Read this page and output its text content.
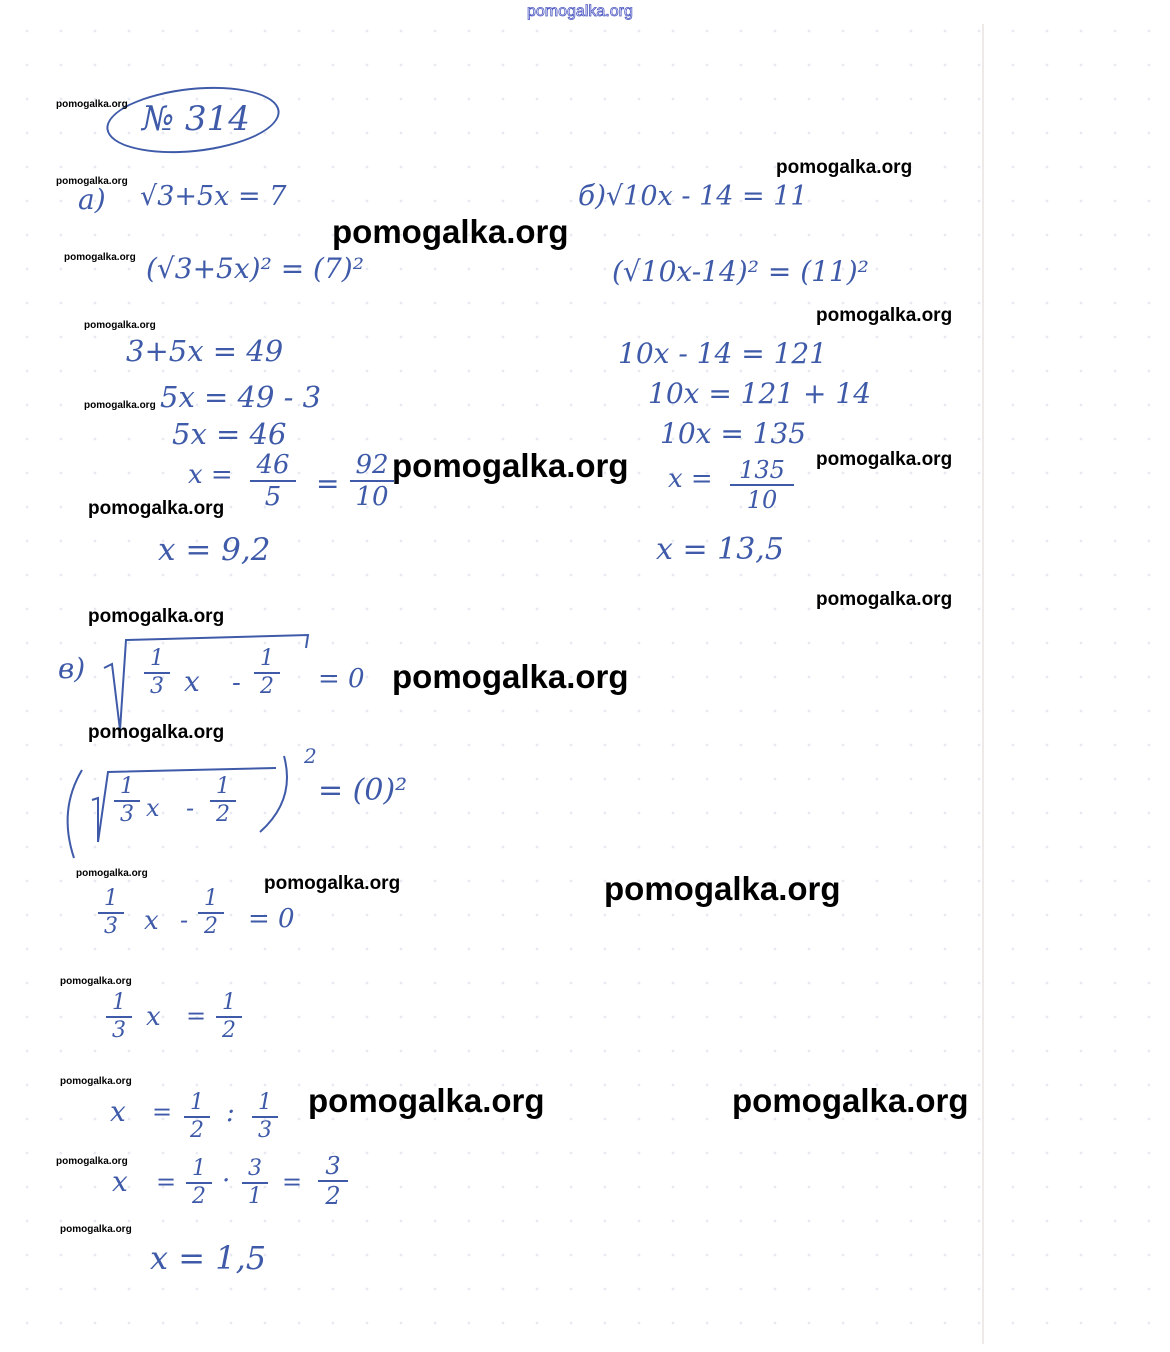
pomogalka.org
№ 314
а) √3+5x = 7
(√3+5x)² = (7)²
3+5x = 49
5x = 49 - 3
5x = 46
x = 46
5	=
92
10
x = 9,2
б) √10x - 14 = 11
(√10x-14)² = (11)²
10x - 14 = 121
10x = 121 + 14
10x = 135
x =	135
10
x = 13,5
в)	1
3 x -
1
2 = 0
1
3 x -
1
2
2
= (0)²
1
3 x -
1
2 = 0
1
3 x = 1
2
x = 1
2
: 1
3
x = 1
2
· 3
1
=
3
2
x = 1,5
pomogalka.org
pomogalka.org
pomogalka.org
pomogalka.org
pomogalka.org
pomogalka.org
pomogalka.org
pomogalka.org
pomogalka.org
pomogalka.org
pomogalka.org
pomogalka.org
pomogalka.org
pomogalka.org
pomogalka.org
pomogalka.org
pomogalka.org
pomogalka.org	pomogalka.org
pomogalka.org
pomogalka.org
pomogalka.org
pomogalka.org
pomogalka.org
